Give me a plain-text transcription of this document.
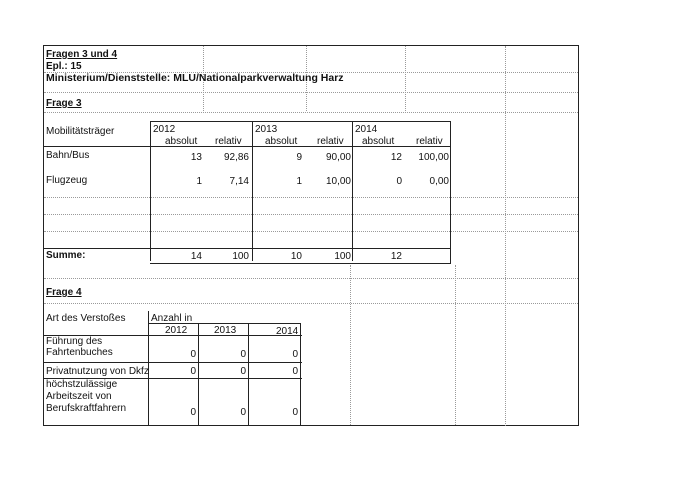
Fragen 3 und 4
Epl.: 15
Ministerium/Dienststelle: MLU/Nationalparkverwaltung Harz
Frage 3
Mobilitätsträger	2012	2013	2014
absolut relativ absolut relativ absolut relativ
Bahn/Bus	13	92,86	9	90,00	12	100,00
Flugzeug	1	7,14	1	10,00	0	0,00
Summe:	14	100	10	100	12
Frage 4
Art des Verstoßes	Anzahl in
2012	2013	2014
Führung des
Fahrtenbuches	0	0	0
Privatnutzung von Dkfz	0	0	0
höchstzulässige
Arbeitszeit von
Berufskraftfahrern	0	0	0
